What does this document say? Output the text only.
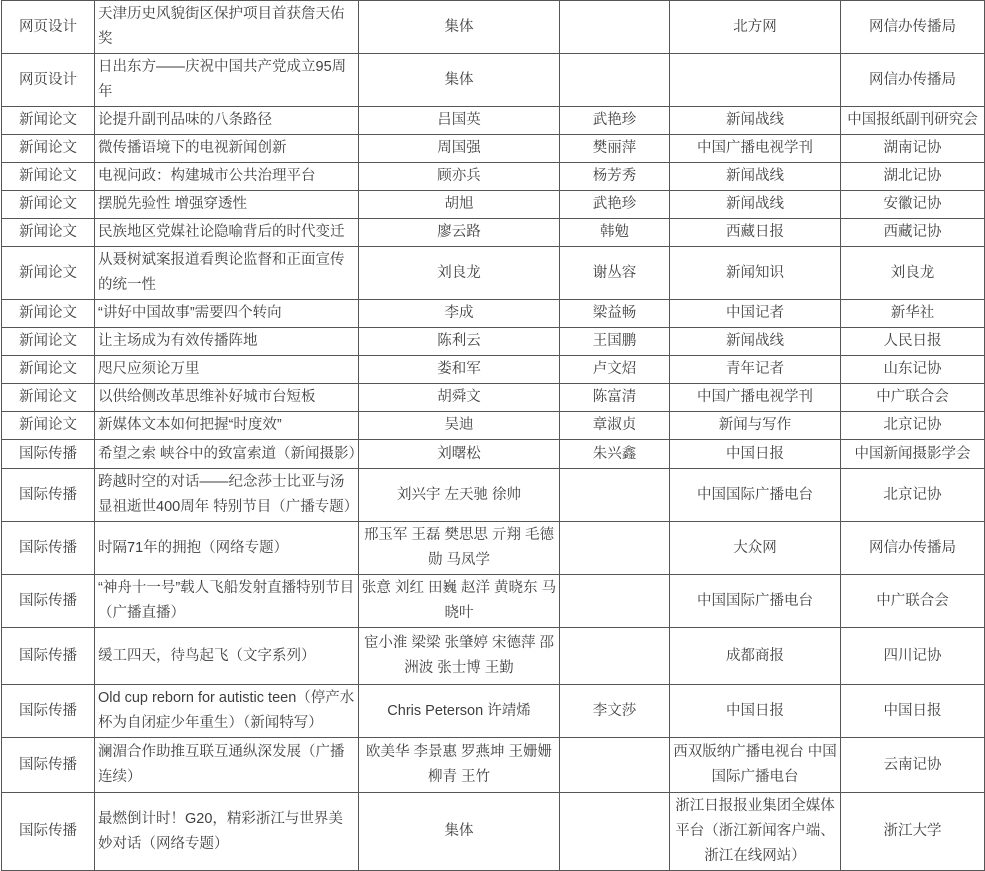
网页设计	天津历史风貌街区保护项目首获詹天佑奖	集体		北方网	网信办传播局
网页设计	日出东方——庆祝中国共产党成立95周年	集体			网信办传播局
新闻论文	论提升副刊品味的八条路径	吕国英	武艳珍	新闻战线	中国报纸副刊研究会
新闻论文	微传播语境下的电视新闻创新	周国强	樊丽萍	中国广播电视学刊	湖南记协
新闻论文	电视问政：构建城市公共治理平台	顾亦兵	杨芳秀	新闻战线	湖北记协
新闻论文	摆脱先验性 增强穿透性	胡旭	武艳珍	新闻战线	安徽记协
新闻论文	民族地区党媒社论隐喻背后的时代变迁	廖云路	韩勉	西藏日报	西藏记协
新闻论文	从聂树斌案报道看舆论监督和正面宣传的统一性	刘良龙	谢丛容	新闻知识	刘良龙
新闻论文	“讲好中国故事”需要四个转向	李成	梁益畅	中国记者	新华社
新闻论文	让主场成为有效传播阵地	陈利云	王国鹏	新闻战线	人民日报
新闻论文	咫尺应须论万里	娄和军	卢文炤	青年记者	山东记协
新闻论文	以供给侧改革思维补好城市台短板	胡舜文	陈富清	中国广播电视学刊	中广联合会
新闻论文	新媒体文本如何把握“时度效”	吴迪	章淑贞	新闻与写作	北京记协
国际传播	希望之索 峡谷中的致富索道（新闻摄影）	刘曙松	朱兴鑫	中国日报	中国新闻摄影学会
国际传播	跨越时空的对话——纪念莎士比亚与汤显祖逝世400周年 特别节目（广播专题）	刘兴宇 左天驰 徐帅		中国国际广播电台	北京记协
国际传播	时隔71年的拥抱（网络专题）	邢玉军 王磊 樊思思 亓翔 毛德勋 马凤学		大众网	网信办传播局
国际传播	“神舟十一号”载人飞船发射直播特别节目（广播直播）	张意 刘红 田巍 赵洋 黄晓东 马晓叶		中国国际广播电台	中广联合会
国际传播	缓工四天，待鸟起飞（文字系列）	宦小淮 梁梁 张肇婷 宋德萍 邵洲波 张士博 王勤		成都商报	四川记协
国际传播	Old cup reborn for autistic teen（停产水杯为自闭症少年重生）（新闻特写）	Chris Peterson 许靖烯	李文莎	中国日报	中国日报
国际传播	澜湄合作助推互联互通纵深发展（广播连续）	欧美华 李景惠 罗燕坤 王姗姗 柳青 王竹		西双版纳广播电视台 中国国际广播电台	云南记协
国际传播	最燃倒计时！G20，精彩浙江与世界美妙对话（网络专题）	集体		浙江日报报业集团全媒体平台（浙江新闻客户端、浙江在线网站）	浙江大学
